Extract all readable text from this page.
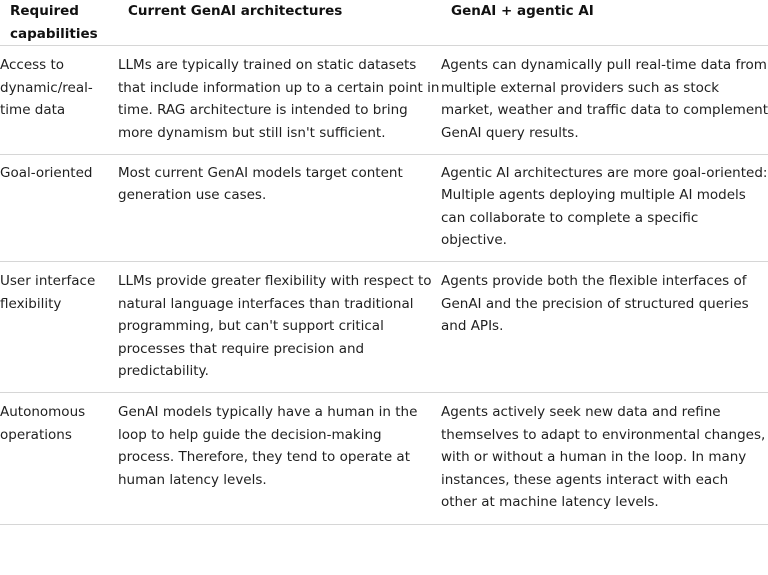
Required capabilities	Current GenAI architectures	GenAI + agentic AI
Access to dynamic/real-time data	LLMs are typically trained on static datasets that include information up to a certain point in time. RAG architecture is intended to bring more dynamism but still isn't sufficient.	Agents can dynamically pull real-time data from multiple external providers such as stock market, weather and traffic data to complement GenAI query results.
Goal-oriented	Most current GenAI models target content generation use cases.	Agentic AI architectures are more goal-oriented: Multiple agents deploying multiple AI models can collaborate to complete a specific objective.
User interface flexibility	LLMs provide greater flexibility with respect to natural language interfaces than traditional programming, but can't support critical processes that require precision and predictability.	Agents provide both the flexible interfaces of GenAI and the precision of structured queries and APIs.
Autonomous operations	GenAI models typically have a human in the loop to help guide the decision-making process. Therefore, they tend to operate at human latency levels.	Agents actively seek new data and refine themselves to adapt to environmental changes, with or without a human in the loop. In many instances, these agents interact with each other at machine latency levels.
